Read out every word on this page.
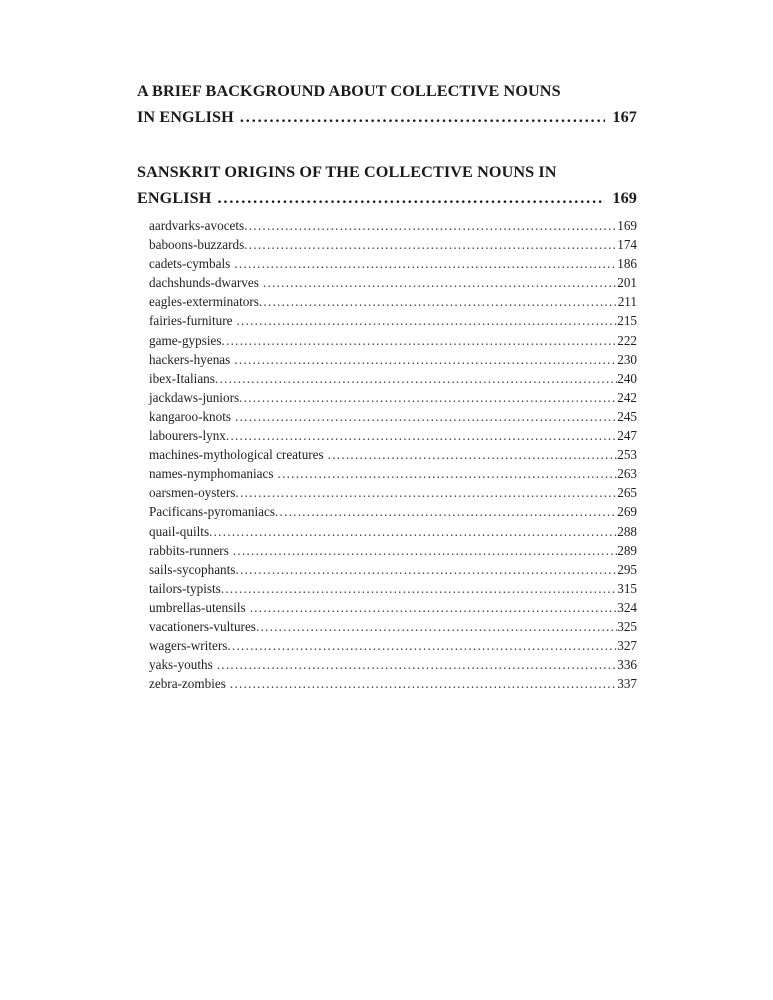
A BRIEF BACKGROUND ABOUT COLLECTIVE NOUNS
IN ENGLISH .....	167
SANSKRIT ORIGINS OF THE COLLECTIVE NOUNS IN
ENGLISH .....	169
aardvarks-avocets .....	169
baboons-buzzards .....	174
cadets-cymbals .....	186
dachshunds-dwarves .....	201
eagles-exterminators .....	211
fairies-furniture .....	215
game-gypsies .....	222
hackers-hyenas .....	230
ibex-Italians .....	240
jackdaws-juniors .....	242
kangaroo-knots .....	245
labourers-lynx .....	247
machines-mythological creatures .....	253
names-nymphomaniacs .....	263
oarsmen-oysters .....	265
Pacificans-pyromaniacs .....	269
quail-quilts .....	288
rabbits-runners .....	289
sails-sycophants .....	295
tailors-typists .....	315
umbrellas-utensils .....	324
vacationers-vultures .....	325
wagers-writers .....	327
yaks-youths .....	336
zebra-zombies .....	337
